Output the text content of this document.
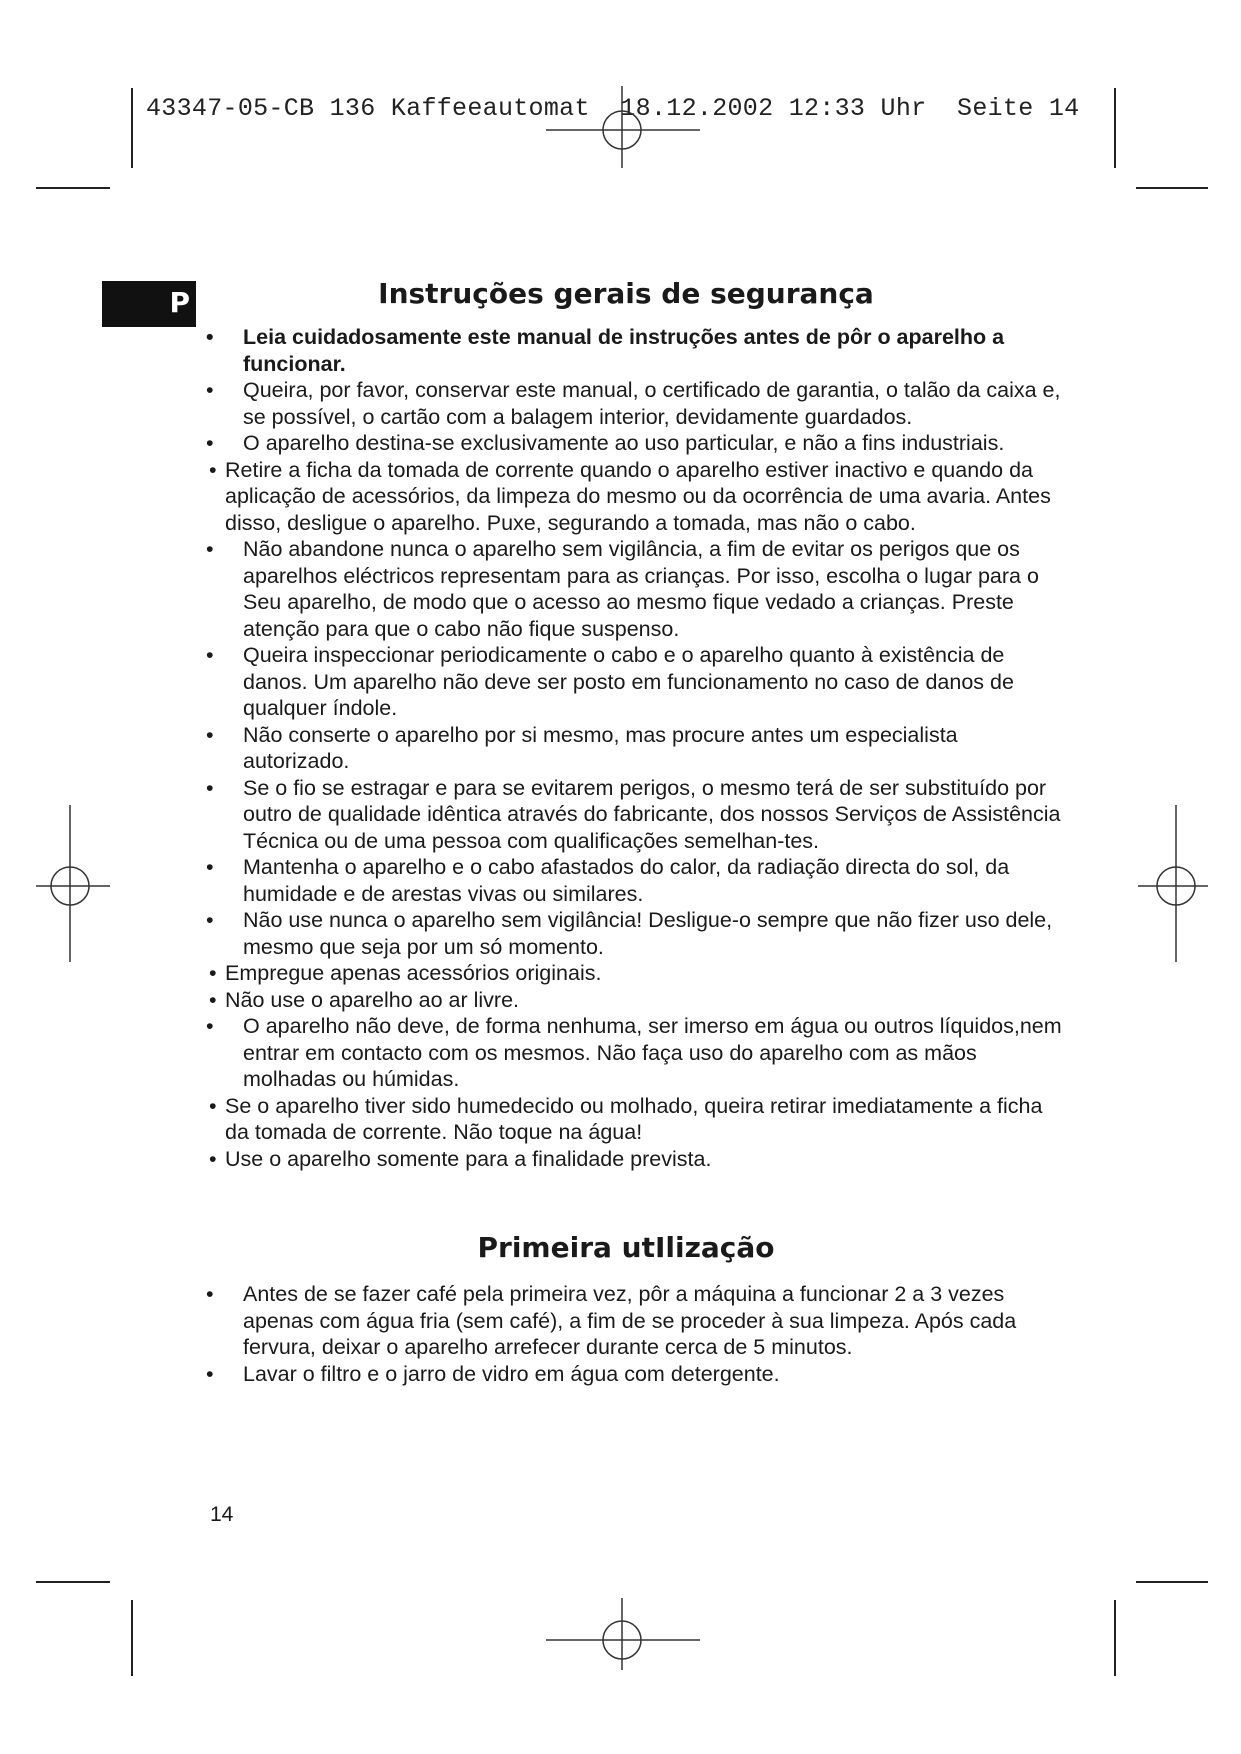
43347-05-CB 136 Kaffeeautomat  18.12.2002 12:33 Uhr  Seite 14
P	Instruções gerais de segurança
• Leia cuidadosamente este manual de instruções antes de pôr o aparelho a funcionar.
• Queira, por favor, conservar este manual, o certificado de garantia, o talão da caixa e, se possível, o cartão com a balagem interior, devidamente guardados.
• O aparelho destina-se exclusivamente ao uso particular, e não a fins industriais.
• Retire a ficha da tomada de corrente quando o aparelho estiver inactivo e quando da aplicação de acessórios, da limpeza do mesmo ou da ocorrência de uma avaria. Antes disso, desligue o aparelho. Puxe, segurando a tomada, mas não o cabo.
• Não abandone nunca o aparelho sem vigilância, a fim de evitar os perigos que os aparelhos eléctricos representam para as crianças. Por isso, escolha o lugar para o Seu aparelho, de modo que o acesso ao mesmo fique vedado a crianças. Preste atenção para que o cabo não fique suspenso.
• Queira inspeccionar periodicamente o cabo e o aparelho quanto à existência de danos. Um aparelho não deve ser posto em funcionamento no caso de danos de qualquer índole.
• Não conserte o aparelho por si mesmo, mas procure antes um especialista autorizado.
• Se o fio se estragar e para se evitarem perigos, o mesmo terá de ser substituído por outro de qualidade idêntica através do fabricante, dos nossos Serviços de Assistência Técnica ou de uma pessoa com qualificações semelhan-tes.
• Mantenha o aparelho e o cabo afastados do calor, da radiação directa do sol, da humidade e de arestas vivas ou similares.
• Não use nunca o aparelho sem vigilância! Desligue-o sempre que não fizer uso dele, mesmo que seja por um só momento.
• Empregue apenas acessórios originais.
• Não use o aparelho ao ar livre.
• O aparelho não deve, de forma nenhuma, ser imerso em água ou outros líquidos,nem entrar em contacto com os mesmos. Não faça uso do aparelho com as mãos molhadas ou húmidas.
• Se o aparelho tiver sido humedecido ou molhado, queira retirar imediatamente a ficha da tomada de corrente. Não toque na água!
• Use o aparelho somente para a finalidade prevista.
Primeira utIlização
• Antes de se fazer café pela primeira vez, pôr a máquina a funcionar 2 a 3 vezes apenas com água fria (sem café), a fim de se proceder à sua limpeza. Após cada fervura, deixar o aparelho arrefecer durante cerca de 5 minutos.
• Lavar o filtro e o jarro de vidro em água com detergente.
14
